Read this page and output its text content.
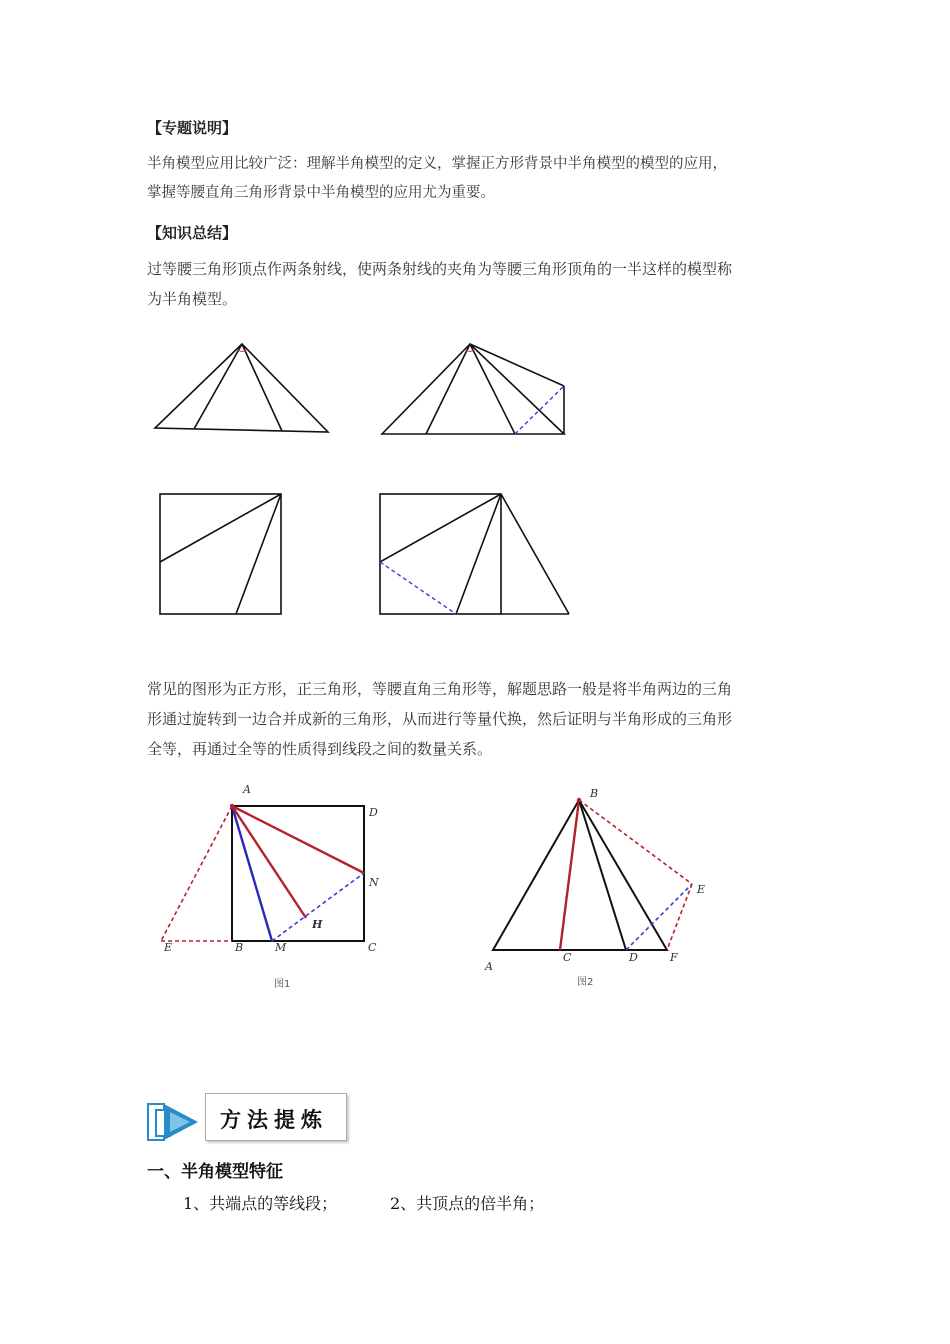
【专题说明】
半角模型应用比较广泛：理解半角模型的定义，掌握正方形背景中半角模型的模型的应用，
掌握等腰直角三角形背景中半角模型的应用尤为重要。
【知识总结】
过等腰三角形顶点作两条射线，使两条射线的夹角为等腰三角形顶角的一半这样的模型称
为半角模型。
常见的图形为正方形，正三角形，等腰直角三角形等，解题思路一般是将半角两边的三角
形通过旋转到一边合并成新的三角形，从而进行等量代换，然后证明与半角形成的三角形
全等，再通过全等的性质得到线段之间的数量关系。
A
D
N
H
E	B	M	C
图1
B
E
A
C	D	F
图2
方法提炼
一、半角模型特征
1、共端点的等线段；	2、共顶点的倍半角；
